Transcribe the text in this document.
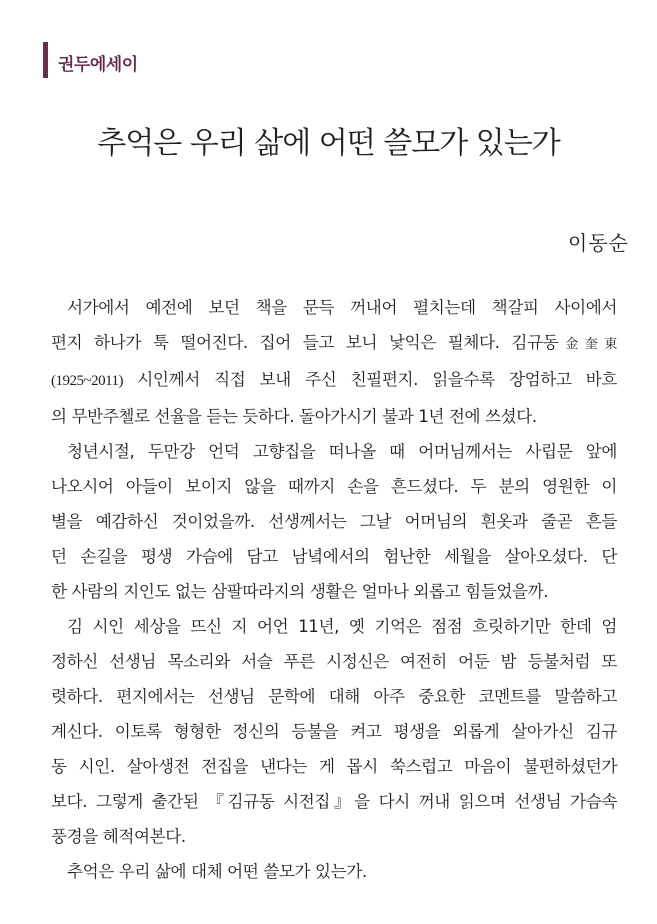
권두에세이
추억은 우리 삶에 어떤 쓸모가 있는가
이동순
서가에서 예전에 보던 책을 문득 꺼내어 펼치는데 책갈피 사이에서
편지 하나가 툭 떨어진다. 집어 들고 보니 낯익은 필체다. 김규동金奎東
(1925~2011) 시인께서 직접 보내 주신 친필편지. 읽을수록 장엄하고 바흐
의 무반주첼로 선율을 듣는 듯하다. 돌아가시기 불과 1년 전에 쓰셨다.
청년시절, 두만강 언덕 고향집을 떠나올 때 어머님께서는 사립문 앞에
나오시어 아들이 보이지 않을 때까지 손을 흔드셨다. 두 분의 영원한 이
별을 예감하신 것이었을까. 선생께서는 그날 어머님의 흰옷과 줄곧 흔들
던 손길을 평생 가슴에 담고 남녘에서의 험난한 세월을 살아오셨다. 단
한 사람의 지인도 없는 삼팔따라지의 생활은 얼마나 외롭고 힘들었을까.
김 시인 세상을 뜨신 지 어언 11년, 옛 기억은 점점 흐릿하기만 한데 엄
정하신 선생님 목소리와 서슬 푸른 시정신은 여전히 어둔 밤 등불처럼 또
렷하다. 편지에서는 선생님 문학에 대해 아주 중요한 코멘트를 말씀하고
계신다. 이토록 형형한 정신의 등불을 켜고 평생을 외롭게 살아가신 김규
동 시인. 살아생전 전집을 낸다는 게 몹시 쑥스럽고 마음이 불편하셨던가
보다. 그렇게 출간된 『김규동 시전집』을 다시 꺼내 읽으며 선생님 가슴속
풍경을 헤적여본다.
추억은 우리 삶에 대체 어떤 쓸모가 있는가.
